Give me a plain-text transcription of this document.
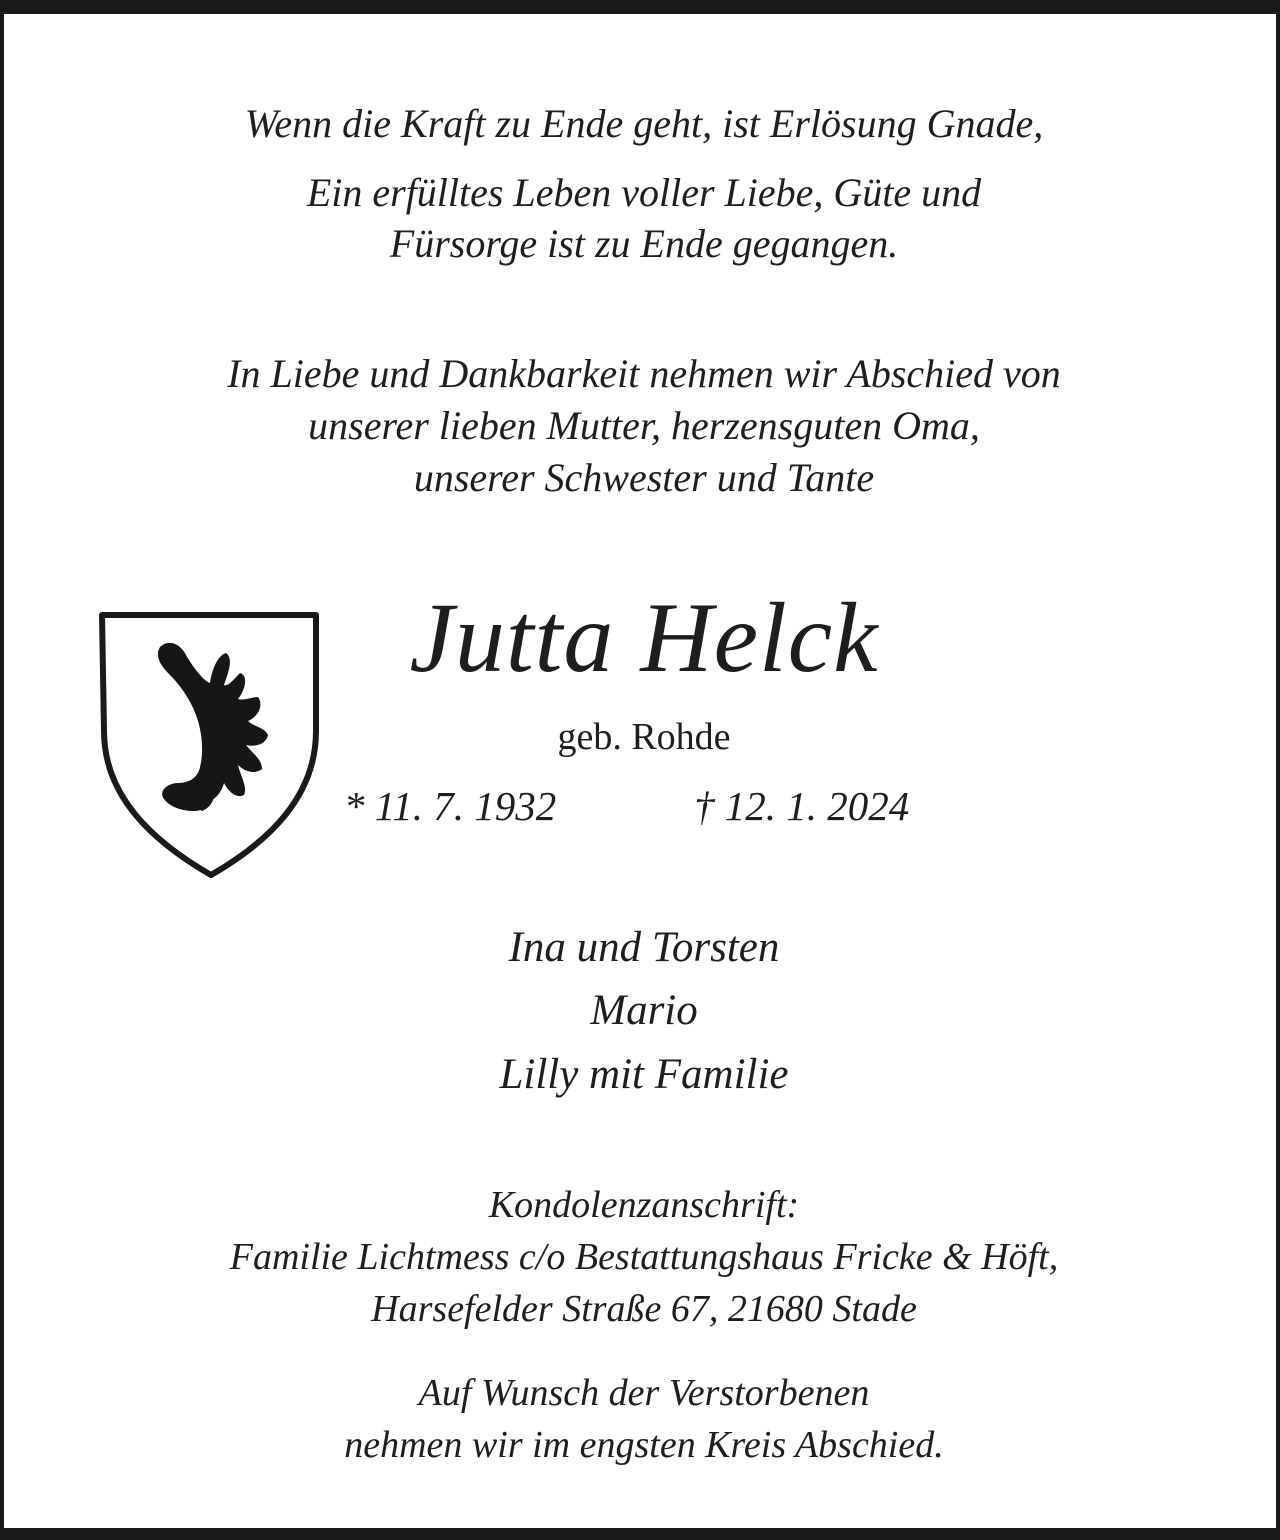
Wenn die Kraft zu Ende geht, ist Erlösung Gnade,
Ein erfülltes Leben voller Liebe, Güte und
Fürsorge ist zu Ende gegangen.
In Liebe und Dankbarkeit nehmen wir Abschied von
unserer lieben Mutter, herzensguten Oma,
unserer Schwester und Tante
Jutta Helck
geb. Rohde
* 11. 7. 1932	† 12. 1. 2024
Ina und Torsten
Mario
Lilly mit Familie
Kondolenzanschrift:
Familie Lichtmess c/o Bestattungshaus Fricke & Höft,
Harsefelder Straße 67, 21680 Stade
Auf Wunsch der Verstorbenen
nehmen wir im engsten Kreis Abschied.
